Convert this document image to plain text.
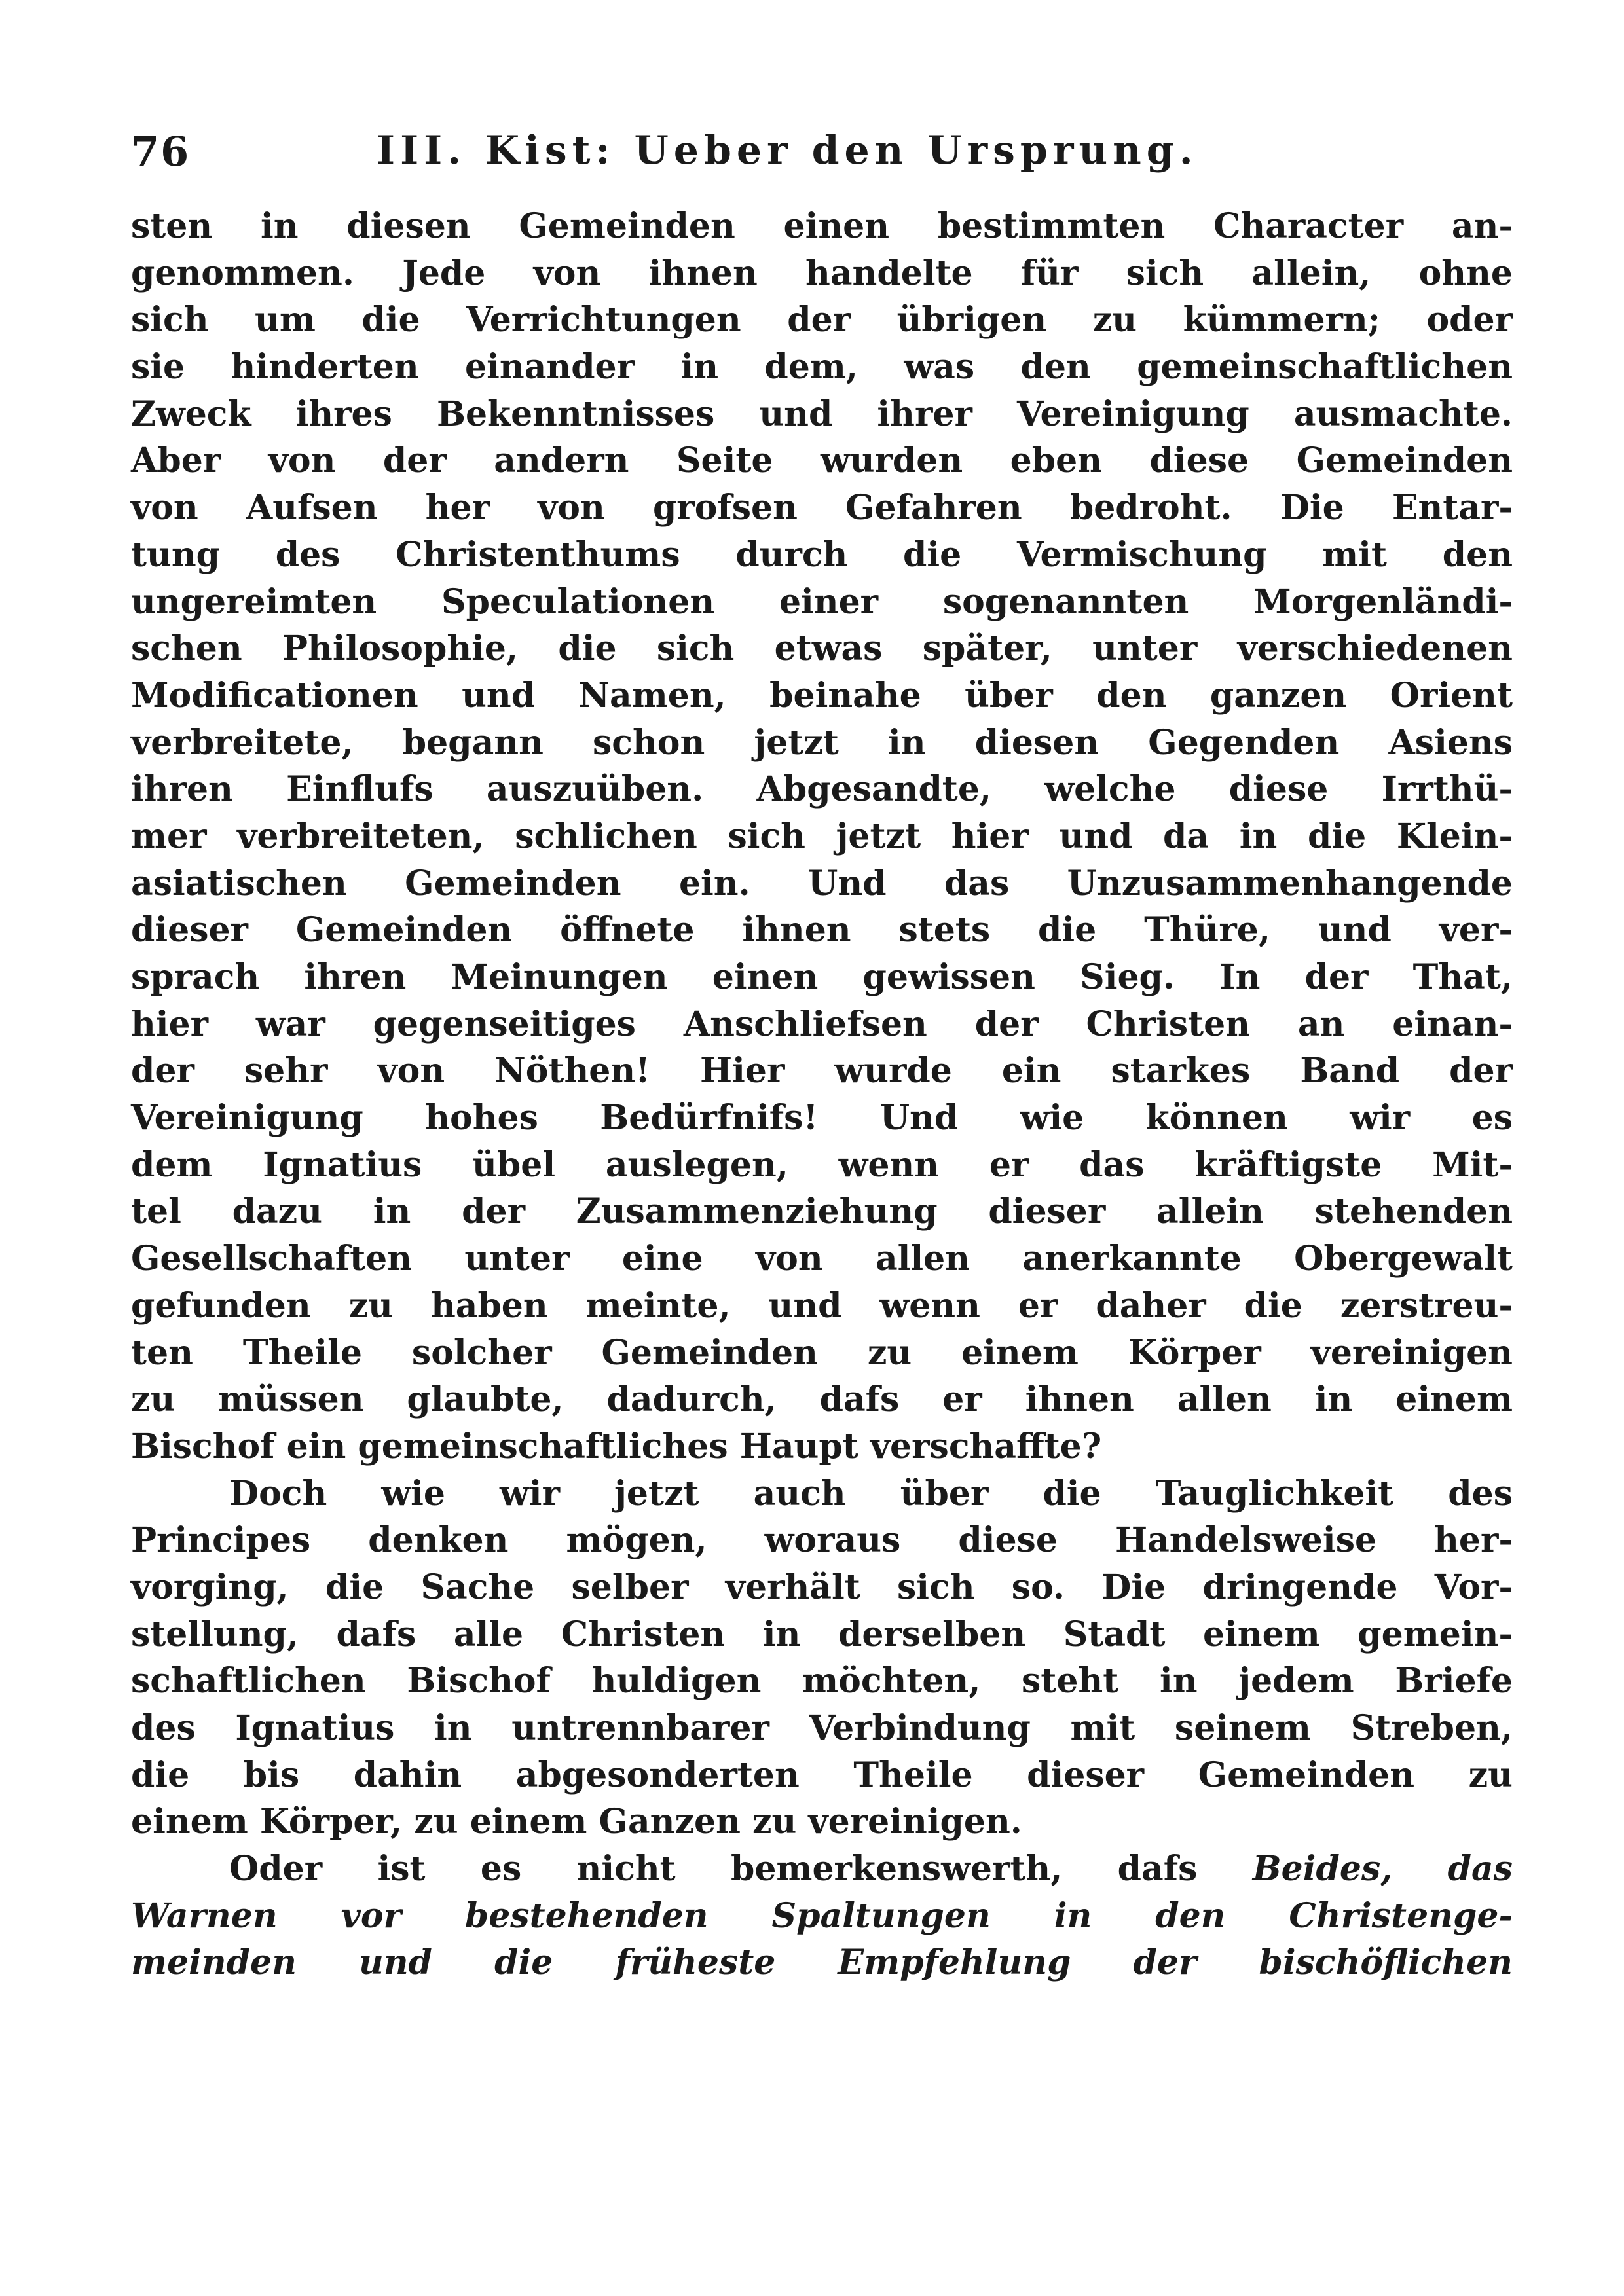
76	III. Kist: Ueber den Ursprung.
sten in diesen Gemeinden einen bestimmten Character an-
genommen. Jede von ihnen handelte für sich allein, ohne
sich um die Verrichtungen der übrigen zu kümmern; oder
sie hinderten einander in dem, was den gemeinschaftlichen
Zweck ihres Bekenntnisses und ihrer Vereinigung ausmachte.
Aber von der andern Seite wurden eben diese Gemeinden
von Aufsen her von grofsen Gefahren bedroht. Die Entar-
tung des Christenthums durch die Vermischung mit den
ungereimten Speculationen einer sogenannten Morgenländi-
schen Philosophie, die sich etwas später, unter verschiedenen
Modificationen und Namen, beinahe über den ganzen Orient
verbreitete, begann schon jetzt in diesen Gegenden Asiens
ihren Einflufs auszuüben. Abgesandte, welche diese Irrthü-
mer verbreiteten, schlichen sich jetzt hier und da in die Klein-
asiatischen Gemeinden ein. Und das Unzusammenhangende
dieser Gemeinden öffnete ihnen stets die Thüre, und ver-
sprach ihren Meinungen einen gewissen Sieg. In der That,
hier war gegenseitiges Anschliefsen der Christen an einan-
der sehr von Nöthen! Hier wurde ein starkes Band der
Vereinigung hohes Bedürfnifs! Und wie können wir es
dem Ignatius übel auslegen, wenn er das kräftigste Mit-
tel dazu in der Zusammenziehung dieser allein stehenden
Gesellschaften unter eine von allen anerkannte Obergewalt
gefunden zu haben meinte, und wenn er daher die zerstreu-
ten Theile solcher Gemeinden zu einem Körper vereinigen
zu müssen glaubte, dadurch, dafs er ihnen allen in einem
Bischof ein gemeinschaftliches Haupt verschaffte?
Doch wie wir jetzt auch über die Tauglichkeit des
Principes denken mögen, woraus diese Handelsweise her-
vorging, die Sache selber verhält sich so. Die dringende Vor-
stellung, dafs alle Christen in derselben Stadt einem gemein-
schaftlichen Bischof huldigen möchten, steht in jedem Briefe
des Ignatius in untrennbarer Verbindung mit seinem Streben,
die bis dahin abgesonderten Theile dieser Gemeinden zu
einem Körper, zu einem Ganzen zu vereinigen.
Oder ist es nicht bemerkenswerth, dafs Beides, das
Warnen vor bestehenden Spaltungen in den Christenge-
meinden und die früheste Empfehlung der bischöflichen
